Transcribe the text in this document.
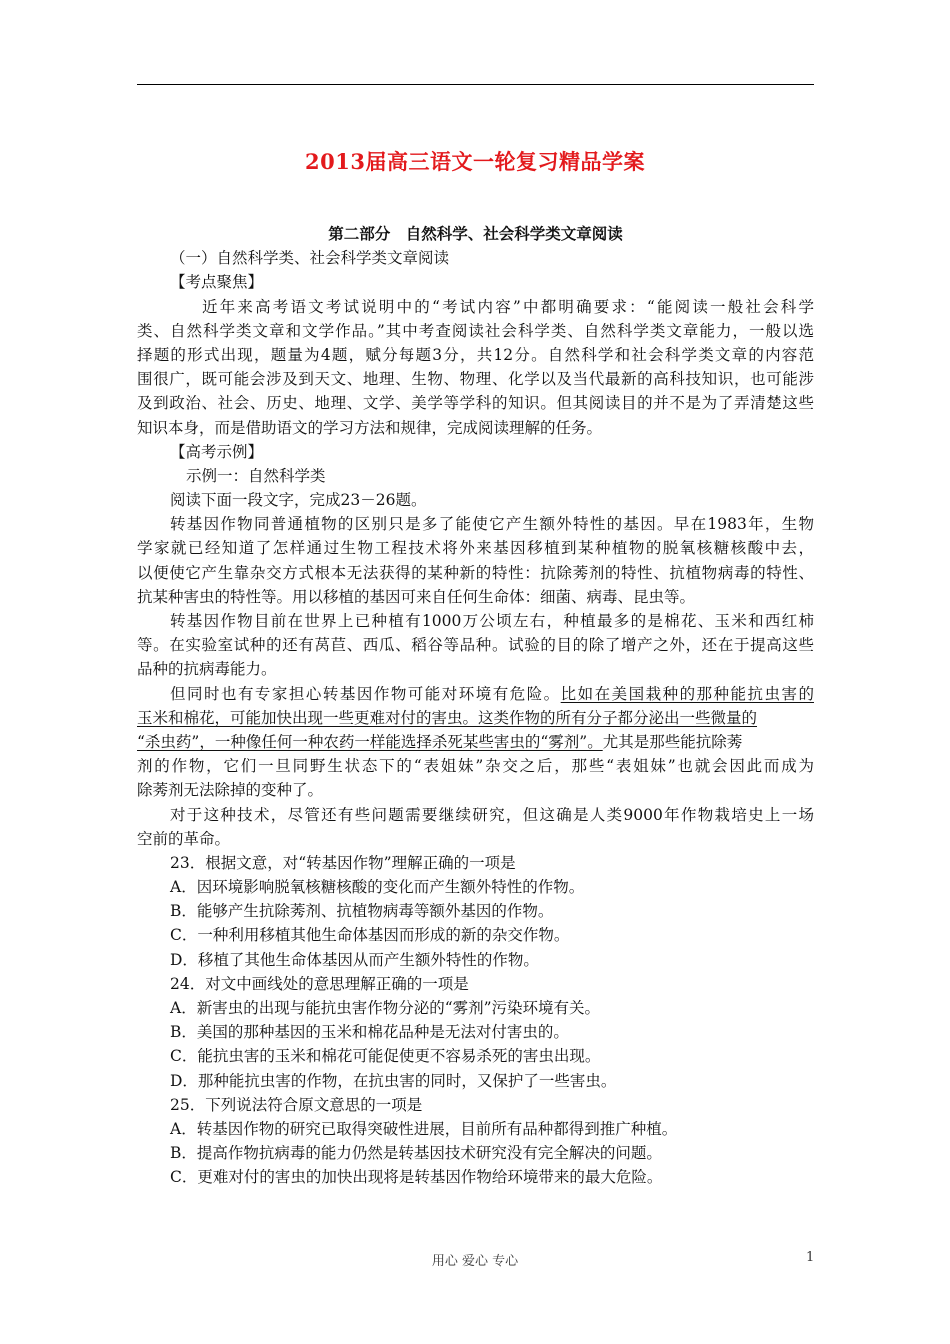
2013届高三语文一轮复习精品学案
第二部分　自然科学、社会科学类文章阅读
（一）自然科学类、社会科学类文章阅读
【考点聚焦】
近年来高考语文考试说明中的“考试内容”中都明确要求：“能阅读一般社会科学
类、自然科学类文章和文学作品。”其中考查阅读社会科学类、自然科学类文章能力，一般以选
择题的形式出现，题量为4题，赋分每题3分，共12分。自然科学和社会科学类文章的内容范
围很广，既可能会涉及到天文、地理、生物、物理、化学以及当代最新的高科技知识，也可能涉
及到政治、社会、历史、地理、文学、美学等学科的知识。但其阅读目的并不是为了弄清楚这些
知识本身，而是借助语文的学习方法和规律，完成阅读理解的任务。
【高考示例】
示例一：自然科学类
阅读下面一段文字，完成23－26题。
转基因作物同普通植物的区别只是多了能使它产生额外特性的基因。早在1983年，生物
学家就已经知道了怎样通过生物工程技术将外来基因移植到某种植物的脱氧核糖核酸中去，
以便使它产生靠杂交方式根本无法获得的某种新的特性：抗除莠剂的特性、抗植物病毒的特性、
抗某种害虫的特性等。用以移植的基因可来自任何生命体：细菌、病毒、昆虫等。
转基因作物目前在世界上已种植有1000万公顷左右，种植最多的是棉花、玉米和西红柿
等。在实验室试种的还有莴苣、西瓜、稻谷等品种。试验的目的除了增产之外，还在于提高这些
品种的抗病毒能力。
但同时也有专家担心转基因作物可能对环境有危险。比如在美国栽种的那种能抗虫害的
玉米和棉花，可能加快出现一些更难对付的害虫。这类作物的所有分子都分泌出一些微量的
“杀虫药”，一种像任何一种农药一样能选择杀死某些害虫的“雾剂”。尤其是那些能抗除莠
剂的作物，它们一旦同野生状态下的“表姐妹”杂交之后，那些“表姐妹”也就会因此而成为
除莠剂无法除掉的变种了。
对于这种技术，尽管还有些问题需要继续研究，但这确是人类9000年作物栽培史上一场
空前的革命。
23．根据文意，对“转基因作物”理解正确的一项是
A．因环境影响脱氧核糖核酸的变化而产生额外特性的作物。
B．能够产生抗除莠剂、抗植物病毒等额外基因的作物。
C．一种利用移植其他生命体基因而形成的新的杂交作物。
D．移植了其他生命体基因从而产生额外特性的作物。
24．对文中画线处的意思理解正确的一项是
A．新害虫的出现与能抗虫害作物分泌的“雾剂”污染环境有关。
B．美国的那种基因的玉米和棉花品种是无法对付害虫的。
C．能抗虫害的玉米和棉花可能促使更不容易杀死的害虫出现。
D．那种能抗虫害的作物，在抗虫害的同时，又保护了一些害虫。
25．下列说法符合原文意思的一项是
A．转基因作物的研究已取得突破性进展，目前所有品种都得到推广种植。
B．提高作物抗病毒的能力仍然是转基因技术研究没有完全解决的问题。
C．更难对付的害虫的加快出现将是转基因作物给环境带来的最大危险。
用心 爱心 专心	1
